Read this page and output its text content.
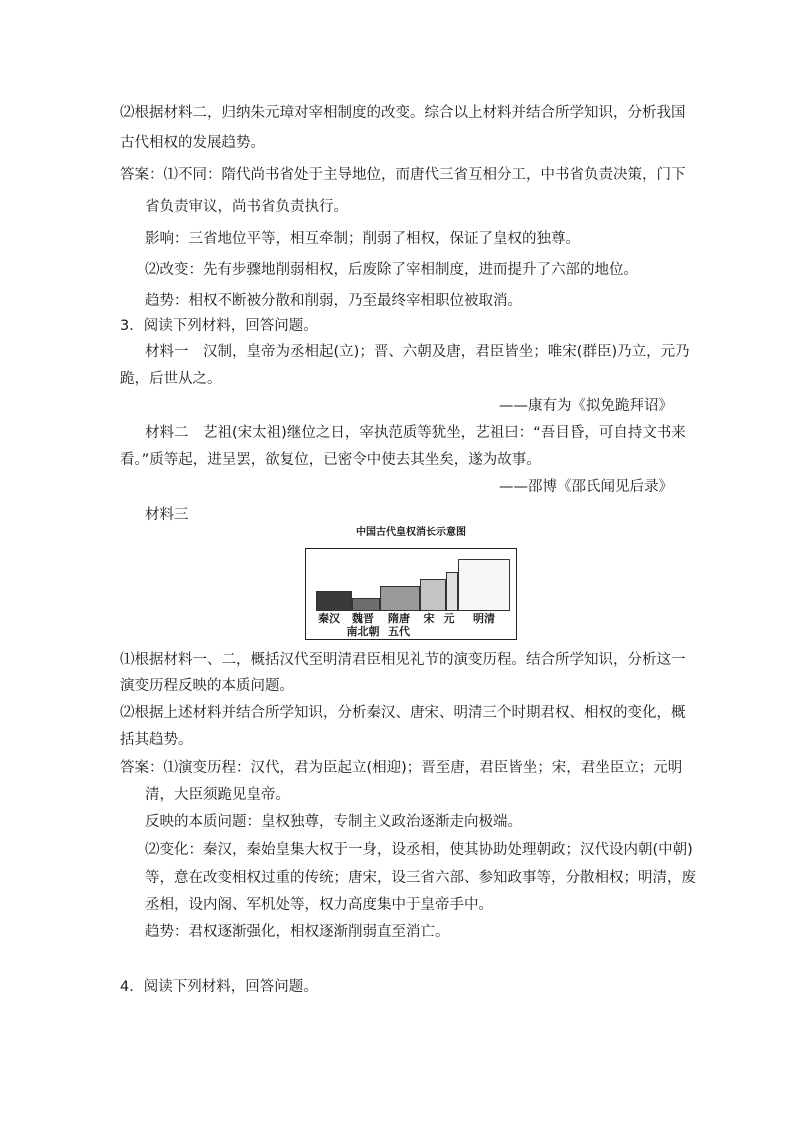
⑵根据材料二，归纳朱元璋对宰相制度的改变。综合以上材料并结合所学知识，分析我国
古代相权的发展趋势。
答案：⑴不同：隋代尚书省处于主导地位，而唐代三省互相分工，中书省负责决策，门下
省负责审议，尚书省负责执行。
影响：三省地位平等，相互牵制；削弱了相权，保证了皇权的独尊。
⑵改变：先有步骤地削弱相权，后废除了宰相制度，进而提升了六部的地位。
趋势：相权不断被分散和削弱，乃至最终宰相职位被取消。
3．阅读下列材料，回答问题。
材料一　汉制，皇帝为丞相起(立)；晋、六朝及唐，君臣皆坐；唯宋(群臣)乃立，元乃
跪，后世从之。
——康有为《拟免跪拜诏》
材料二　艺祖(宋太祖)继位之日，宰执范质等犹坐，艺祖曰：“吾目昏，可自持文书来
看。”质等起，进呈罢，欲复位，已密令中使去其坐矣，遂为故事。
——邵博《邵氏闻见后录》
材料三
中国古代皇权消长示意图
秦汉	魏晋
南北朝
隋唐
五代
宋 元	明清
⑴根据材料一、二，概括汉代至明清君臣相见礼节的演变历程。结合所学知识，分析这一
演变历程反映的本质问题。
⑵根据上述材料并结合所学知识，分析秦汉、唐宋、明清三个时期君权、相权的变化，概
括其趋势。
答案：⑴演变历程：汉代，君为臣起立(相迎)；晋至唐，君臣皆坐；宋，君坐臣立；元明
清，大臣须跪见皇帝。
反映的本质问题：皇权独尊，专制主义政治逐渐走向极端。
⑵变化：秦汉，秦始皇集大权于一身，设丞相，使其协助处理朝政；汉代设内朝(中朝)
等，意在改变相权过重的传统；唐宋，设三省六部、参知政事等，分散相权；明清，废
丞相，设内阁、军机处等，权力高度集中于皇帝手中。
趋势：君权逐渐强化，相权逐渐削弱直至消亡。
4．阅读下列材料，回答问题。
